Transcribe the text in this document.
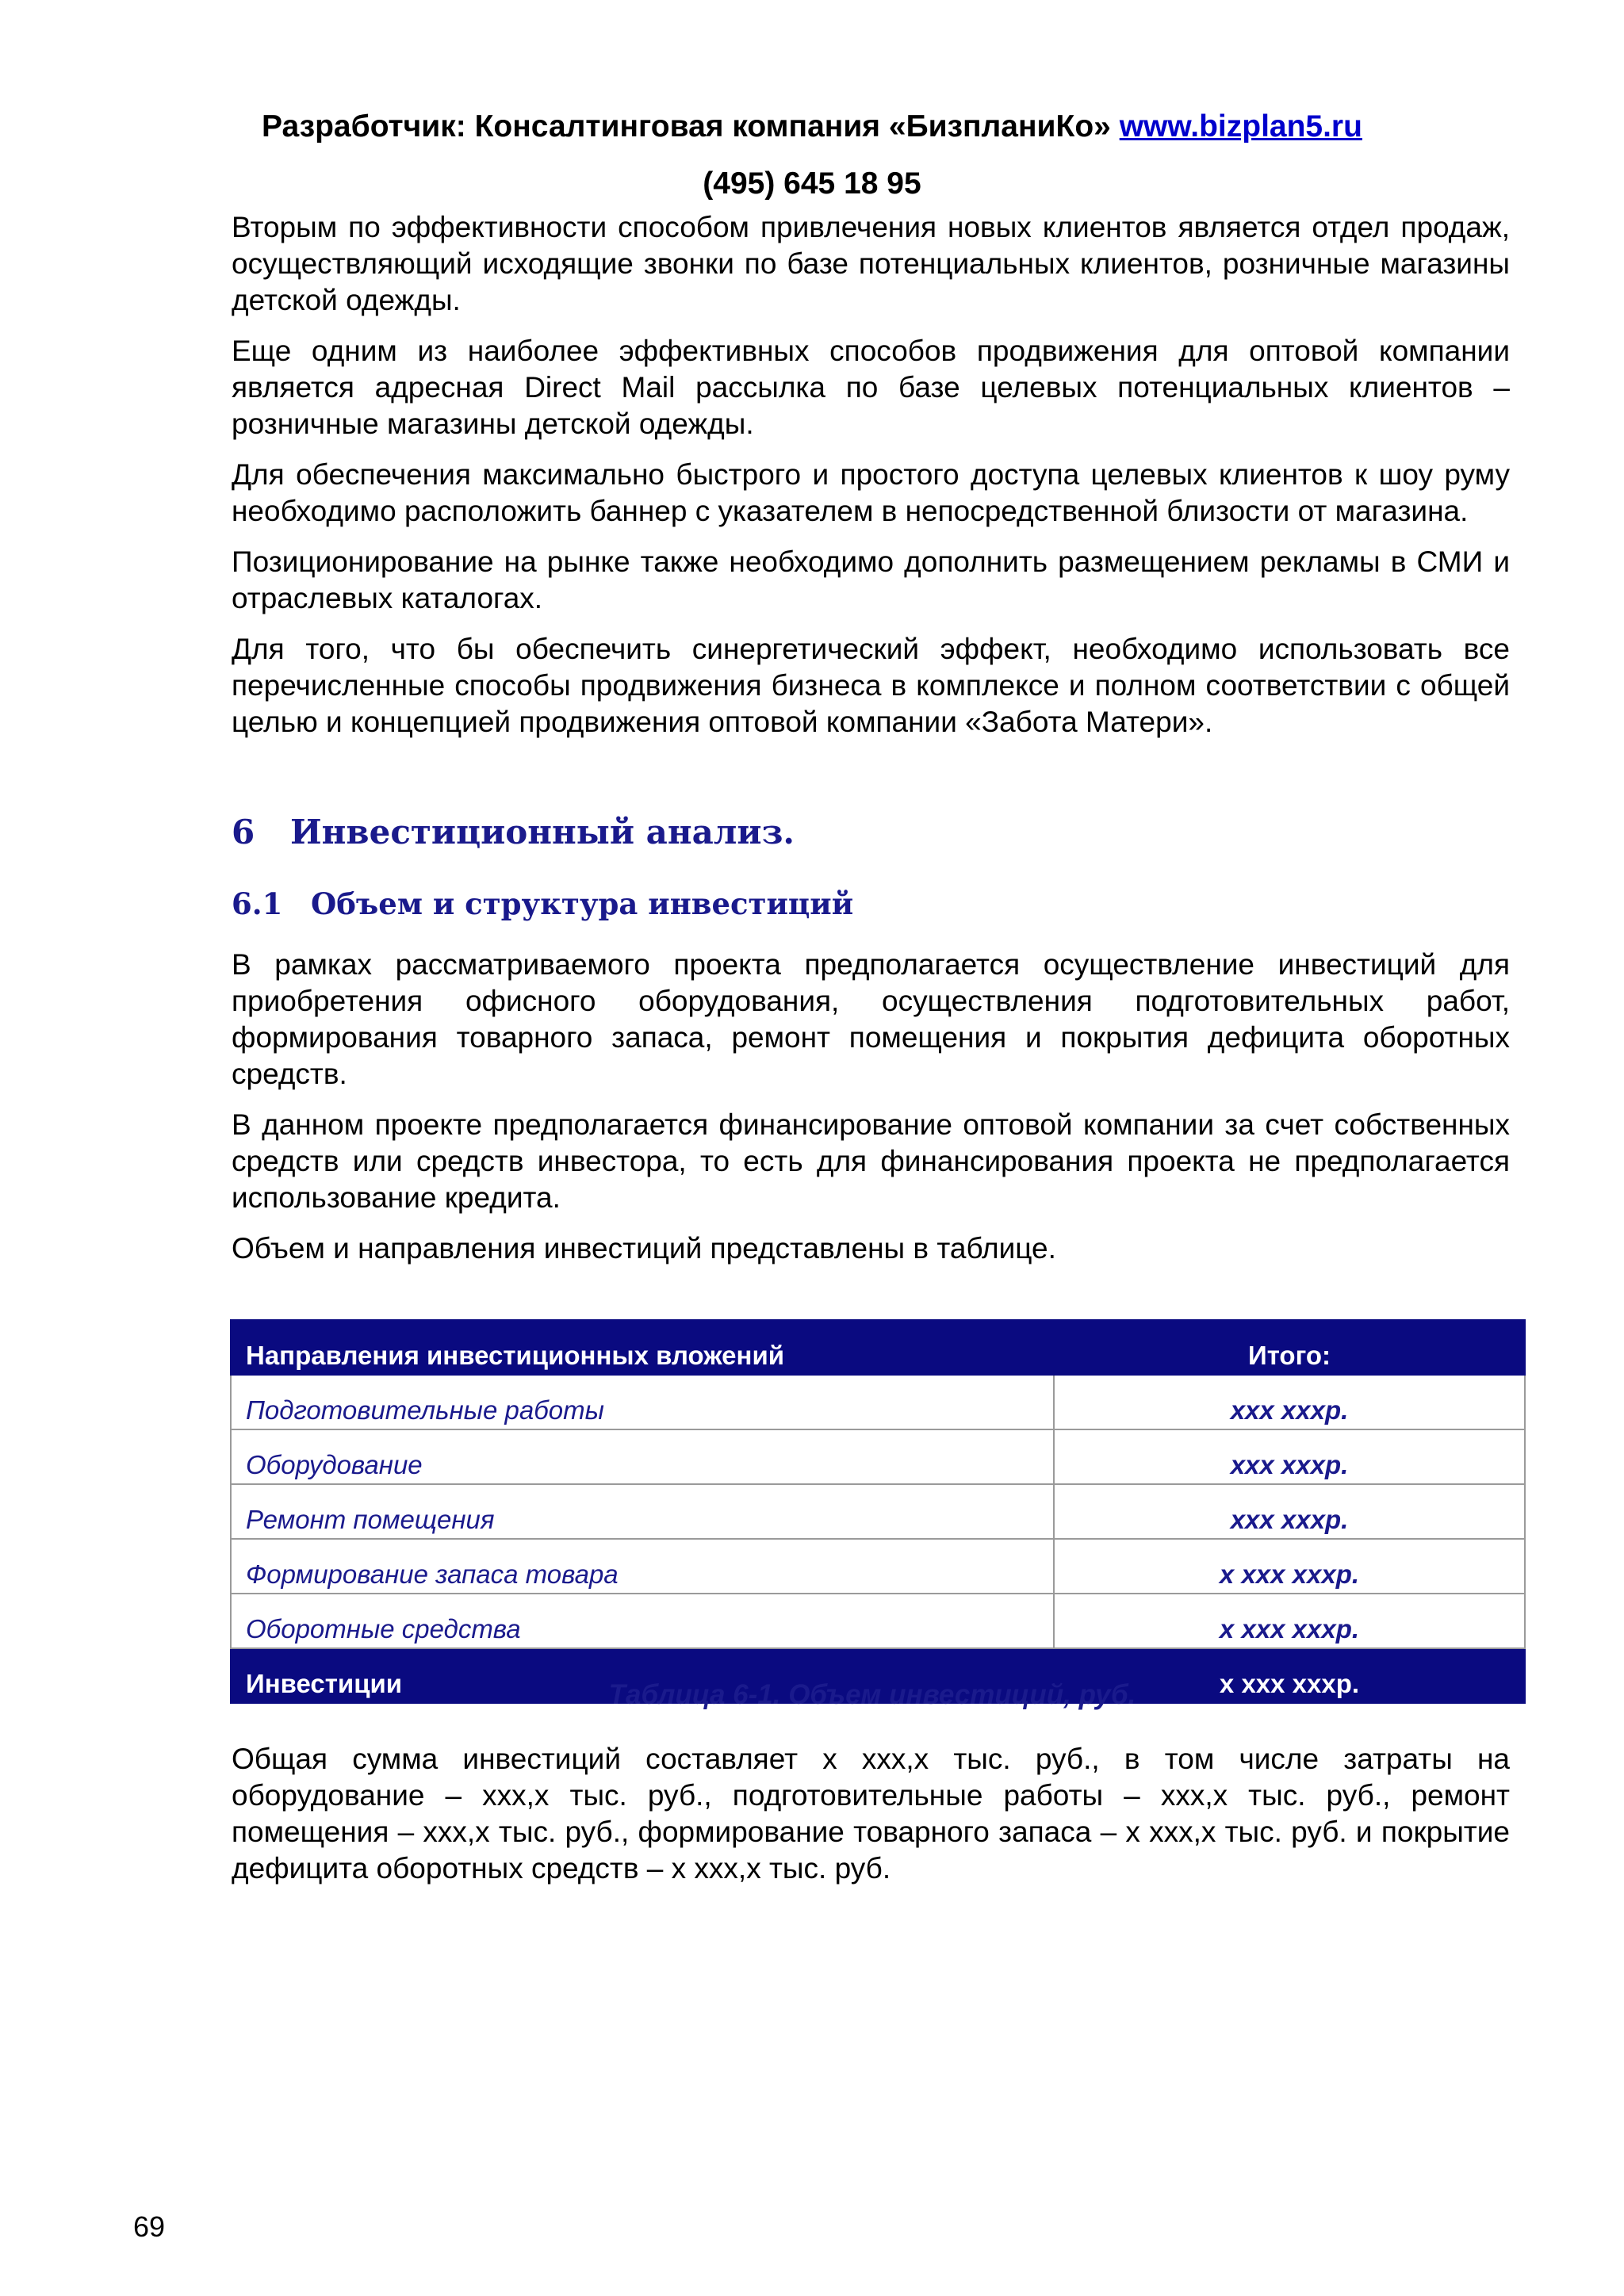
Разработчик: Консалтинговая компания «БизпланиКо» www.bizplan5.ru
(495) 645 18 95

Вторым по эффективности способом привлечения новых клиентов является отдел продаж, осуществляющий исходящие звонки по базе потенциальных клиентов, розничные магазины детской одежды.

Еще одним из наиболее эффективных способов продвижения для оптовой компании является адресная Direct Mail рассылка по базе целевых потенциальных клиентов – розничные магазины детской одежды.

Для обеспечения максимально быстрого и простого доступа целевых клиентов к шоу руму необходимо расположить баннер с указателем в непосредственной близости от магазина.

Позиционирование на рынке также необходимо дополнить размещением рекламы в СМИ и отраслевых каталогах.

Для того, что бы обеспечить синергетический эффект, необходимо использовать все перечисленные способы продвижения бизнеса в комплексе и полном соответствии с общей целью и концепцией продвижения оптовой компании «Забота Матери».

6 Инвестиционный анализ.
6.1 Объем и структура инвестиций

В рамках рассматриваемого проекта предполагается осуществление инвестиций для приобретения офисного оборудования, осуществления подготовительных работ, формирования товарного запаса, ремонт помещения и покрытия дефицита оборотных средств.

В данном проекте предполагается финансирование оптовой компании за счет собственных средств или средств инвестора, то есть для финансирования проекта не предполагается использование кредита.

Объем и направления инвестиций представлены в таблице.

Направления инвестиционных вложений	Итого:
Подготовительные работы	xxx xxxр.
Оборудование	xxx xxxр.
Ремонт помещения	xxx xxxр.
Формирование запаса товара	x xxx xxxр.
Оборотные средства	x xxx xxxр.
Инвестиции	x xxx xxxр.
Таблица 6-1. Объем инвестиций, руб.

Общая сумма инвестиций составляет x xxx,x тыс. руб., в том числе затраты на оборудование – xxx,x тыс. руб., подготовительные работы – xxx,x тыс. руб., ремонт помещения – xxx,x тыс. руб., формирование товарного запаса – x xxx,x тыс. руб. и покрытие дефицита оборотных средств – x xxx,x тыс. руб.

69
